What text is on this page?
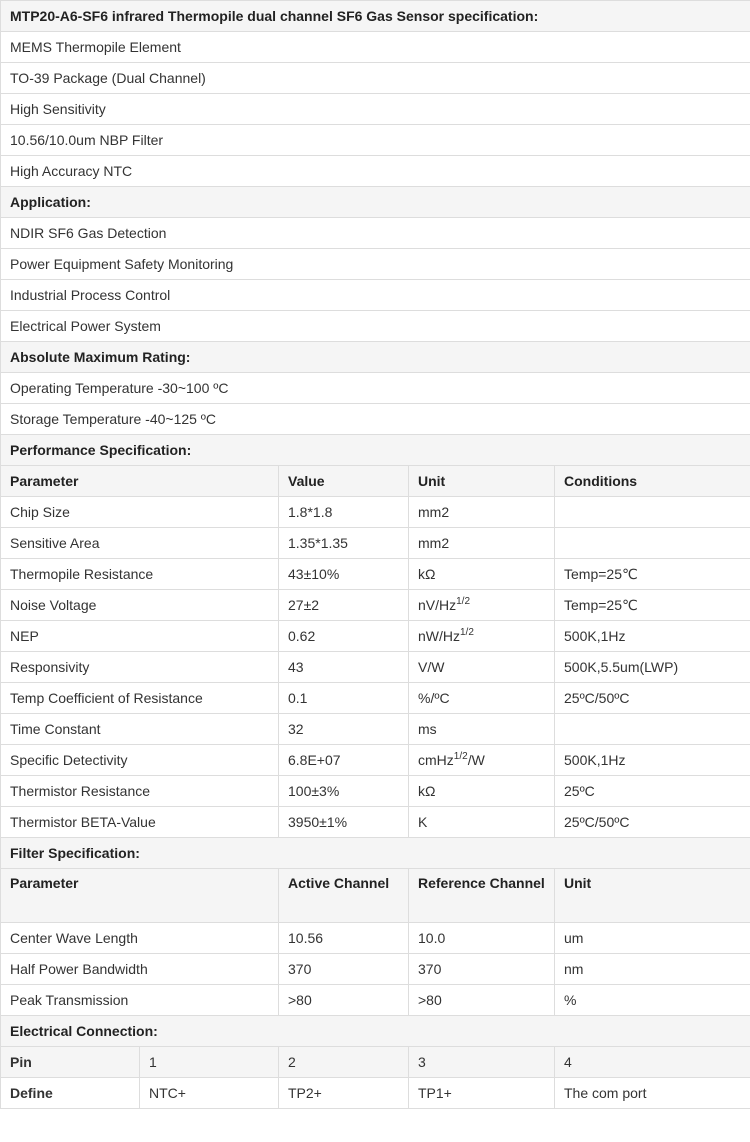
MTP20-A6-SF6 infrared Thermopile dual channel SF6 Gas Sensor specification:				
MEMS Thermopile Element				
TO-39 Package (Dual Channel)				
High Sensitivity				
10.56/10.0um NBP Filter				
High Accuracy NTC				
Application:				
NDIR SF6 Gas Detection				
Power Equipment Safety Monitoring				
Industrial Process Control				
Electrical Power System				
Absolute Maximum Rating:				
Operating Temperature -30~100 ºC				
Storage Temperature -40~125 ºC				
Performance Specification:				
Parameter		Value	Unit	Conditions
Chip Size		1.8*1.8	mm2	
Sensitive Area		1.35*1.35	mm2	
Thermopile Resistance		43±10%	kΩ	Temp=25℃
Noise Voltage		27±2	$nV/Hz^{1/2}$	Temp=25℃
NEP		0.62	$nW/Hz^{1/2}$	500K,1Hz
Responsivity		43	V/W	500K,5.5um(LWP)
Temp Coefficient of Resistance		0.1	%/ºC	25ºC/50ºC
Time Constant		32	ms	
Specific Detectivity		6.8E+07	cmHz$^{1/2}$/W	500K,1Hz
Thermistor Resistance		100±3%	kΩ	25ºC
Thermistor BETA-Value		3950±1%	K	25ºC/50ºC
Filter Specification:				
Parameter		Active Channel	Reference Channel	Unit
Center Wave Length		10.56	10.0	um
Half Power Bandwidth		370	370	nm
Peak Transmission		>80	>80	%
Electrical Connection:				
Pin	1	2	3	4
Define	NTC+	TP2+	TP1+	The com port
